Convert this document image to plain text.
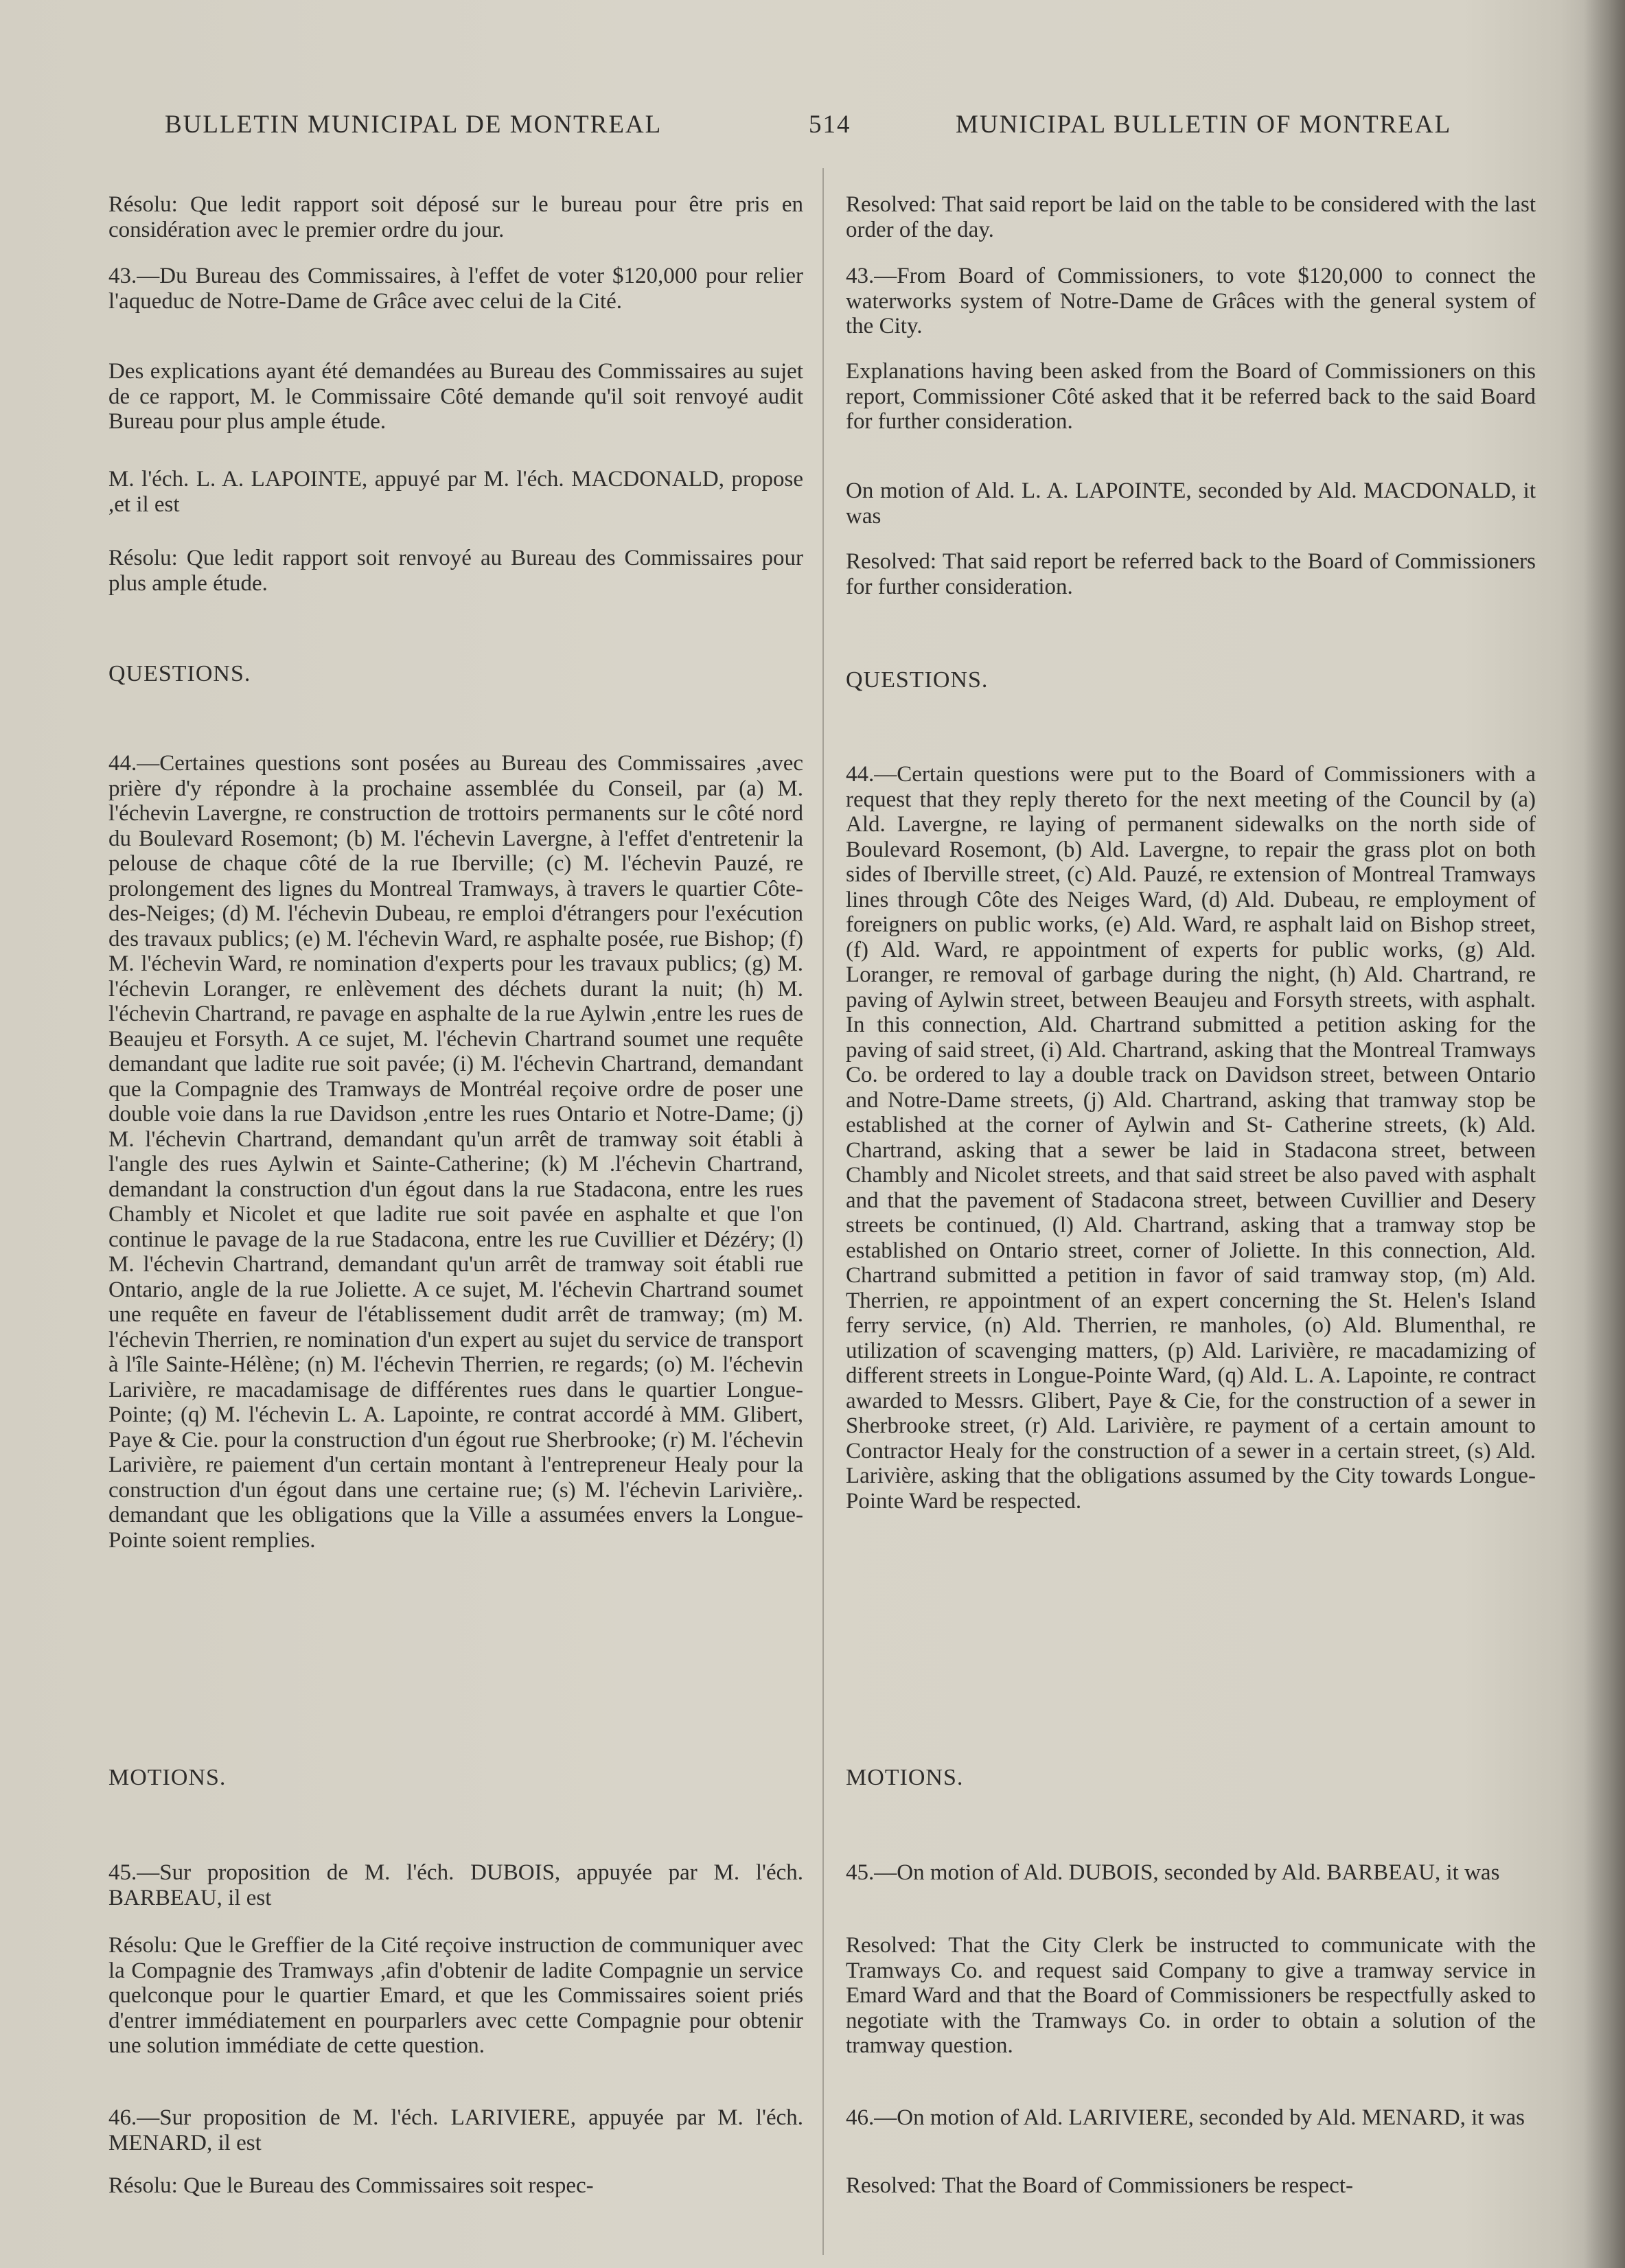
BULLETIN MUNICIPAL DE MONTREAL	514	MUNICIPAL BULLETIN OF MONTREAL

Résolu: Que ledit rapport soit déposé sur le bureau pour être pris en considération avec le premier ordre du jour.

43.—Du Bureau des Commissaires, à l'effet de voter $120,000 pour relier l'aqueduc de Notre-Dame de Grâce avec celui de la Cité.

Des explications ayant été demandées au Bureau des Commissaires au sujet de ce rapport, M. le Commissaire Côté demande qu'il soit renvoyé audit Bureau pour plus ample étude.

M. l'éch. L. A. LAPOINTE, appuyé par M. l'éch. MACDONALD, propose ,et il est

Résolu: Que ledit rapport soit renvoyé au Bureau des Commissaires pour plus ample étude.

QUESTIONS.

44.—Certaines questions sont posées au Bureau des Commissaires ,avec prière d'y répondre à la prochaine assemblée du Conseil, par (a) M. l'échevin Lavergne, re construction de trottoirs permanents sur le côté nord du Boulevard Rosemont; (b) M. l'échevin Lavergne, à l'effet d'entretenir la pelouse de chaque côté de la rue Iberville; (c) M. l'échevin Pauzé, re prolongement des lignes du Montreal Tramways, à travers le quartier Côte-des-Neiges; (d) M. l'échevin Dubeau, re emploi d'étrangers pour l'exécution des travaux publics; (e) M. l'échevin Ward, re asphalte posée, rue Bishop; (f) M. l'échevin Ward, re nomination d'experts pour les travaux publics; (g) M. l'échevin Loranger, re enlèvement des déchets durant la nuit; (h) M. l'échevin Chartrand, re pavage en asphalte de la rue Aylwin ,entre les rues de Beaujeu et Forsyth. A ce sujet, M. l'échevin Chartrand soumet une requête demandant que ladite rue soit pavée; (i) M. l'échevin Chartrand, demandant que la Compagnie des Tramways de Montréal reçoive ordre de poser une double voie dans la rue Davidson ,entre les rues Ontario et Notre-Dame; (j) M. l'échevin Chartrand, demandant qu'un arrêt de tramway soit établi à l'angle des rues Aylwin et Sainte-Catherine; (k) M .l'échevin Chartrand, demandant la construction d'un égout dans la rue Stadacona, entre les rues Chambly et Nicolet et que ladite rue soit pavée en asphalte et que l'on continue le pavage de la rue Stadacona, entre les rue Cuvillier et Dézéry; (l) M. l'échevin Chartrand, demandant qu'un arrêt de tramway soit établi rue Ontario, angle de la rue Joliette. A ce sujet, M. l'échevin Chartrand soumet une requête en faveur de l'établissement dudit arrêt de tramway; (m) M. l'échevin Therrien, re nomination d'un expert au sujet du service de transport à l'île Sainte-Hélène; (n) M. l'échevin Therrien, re regards; (o) M. l'échevin Larivière, re macadamisage de différentes rues dans le quartier Longue-Pointe; (q) M. l'échevin L. A. Lapointe, re contrat accordé à MM. Glibert, Paye & Cie. pour la construction d'un égout rue Sherbrooke; (r) M. l'échevin Larivière, re paiement d'un certain montant à l'entrepreneur Healy pour la construction d'un égout dans une certaine rue; (s) M. l'échevin Larivière,. demandant que les obligations que la Ville a assumées envers la Longue-Pointe soient remplies.

MOTIONS.

45.—Sur proposition de M. l'éch. DUBOIS, appuyée par M. l'éch. BARBEAU, il est

Résolu: Que le Greffier de la Cité reçoive instruction de communiquer avec la Compagnie des Tramways ,afin d'obtenir de ladite Compagnie un service quelconque pour le quartier Emard, et que les Commissaires soient priés d'entrer immédiatement en pourparlers avec cette Compagnie pour obtenir une solution immédiate de cette question.

46.—Sur proposition de M. l'éch. LARIVIERE, appuyée par M. l'éch. MENARD, il est

Résolu: Que le Bureau des Commissaires soit respec-

Resolved: That said report be laid on the table to be considered with the last order of the day.

43.—From Board of Commissioners, to vote $120,000 to connect the waterworks system of Notre-Dame de Grâces with the general system of the City.

Explanations having been asked from the Board of Commissioners on this report, Commissioner Côté asked that it be referred back to the said Board for further consideration.

On motion of Ald. L. A. LAPOINTE, seconded by Ald. MACDONALD, it was

Resolved: That said report be referred back to the Board of Commissioners for further consideration.

QUESTIONS.

44.—Certain questions were put to the Board of Commissioners with a request that they reply thereto for the next meeting of the Council by (a) Ald. Lavergne, re laying of permanent sidewalks on the north side of Boulevard Rosemont, (b) Ald. Lavergne, to repair the grass plot on both sides of Iberville street, (c) Ald. Pauzé, re extension of Montreal Tramways lines through Côte des Neiges Ward, (d) Ald. Dubeau, re employment of foreigners on public works, (e) Ald. Ward, re asphalt laid on Bishop street, (f) Ald. Ward, re appointment of experts for public works, (g) Ald. Loranger, re removal of garbage during the night, (h) Ald. Chartrand, re paving of Aylwin street, between Beaujeu and Forsyth streets, with asphalt. In this connection, Ald. Chartrand submitted a petition asking for the paving of said street, (i) Ald. Chartrand, asking that the Montreal Tramways Co. be ordered to lay a double track on Davidson street, between Ontario and Notre-Dame streets, (j) Ald. Chartrand, asking that tramway stop be established at the corner of Aylwin and St- Catherine streets, (k) Ald. Chartrand, asking that a sewer be laid in Stadacona street, between Chambly and Nicolet streets, and that said street be also paved with asphalt and that the pavement of Stadacona street, between Cuvillier and Desery streets be continued, (l) Ald. Chartrand, asking that a tramway stop be established on Ontario street, corner of Joliette. In this connection, Ald. Chartrand submitted a petition in favor of said tramway stop, (m) Ald. Therrien, re appointment of an expert concerning the St. Helen's Island ferry service, (n) Ald. Therrien, re manholes, (o) Ald. Blumenthal, re utilization of scavenging matters, (p) Ald. Larivière, re macadamizing of different streets in Longue-Pointe Ward, (q) Ald. L. A. Lapointe, re contract awarded to Messrs. Glibert, Paye & Cie, for the construction of a sewer in Sherbrooke street, (r) Ald. Larivière, re payment of a certain amount to Contractor Healy for the construction of a sewer in a certain street, (s) Ald. Larivière, asking that the obligations assumed by the City towards Longue-Pointe Ward be respected.

MOTIONS.

45.—On motion of Ald. DUBOIS, seconded by Ald. BARBEAU, it was

Resolved: That the City Clerk be instructed to communicate with the Tramways Co. and request said Company to give a tramway service in Emard Ward and that the Board of Commissioners be respectfully asked to negotiate with the Tramways Co. in order to obtain a solution of the tramway question.

46.—On motion of Ald. LARIVIERE, seconded by Ald. MENARD, it was

Resolved: That the Board of Commissioners be respect-
